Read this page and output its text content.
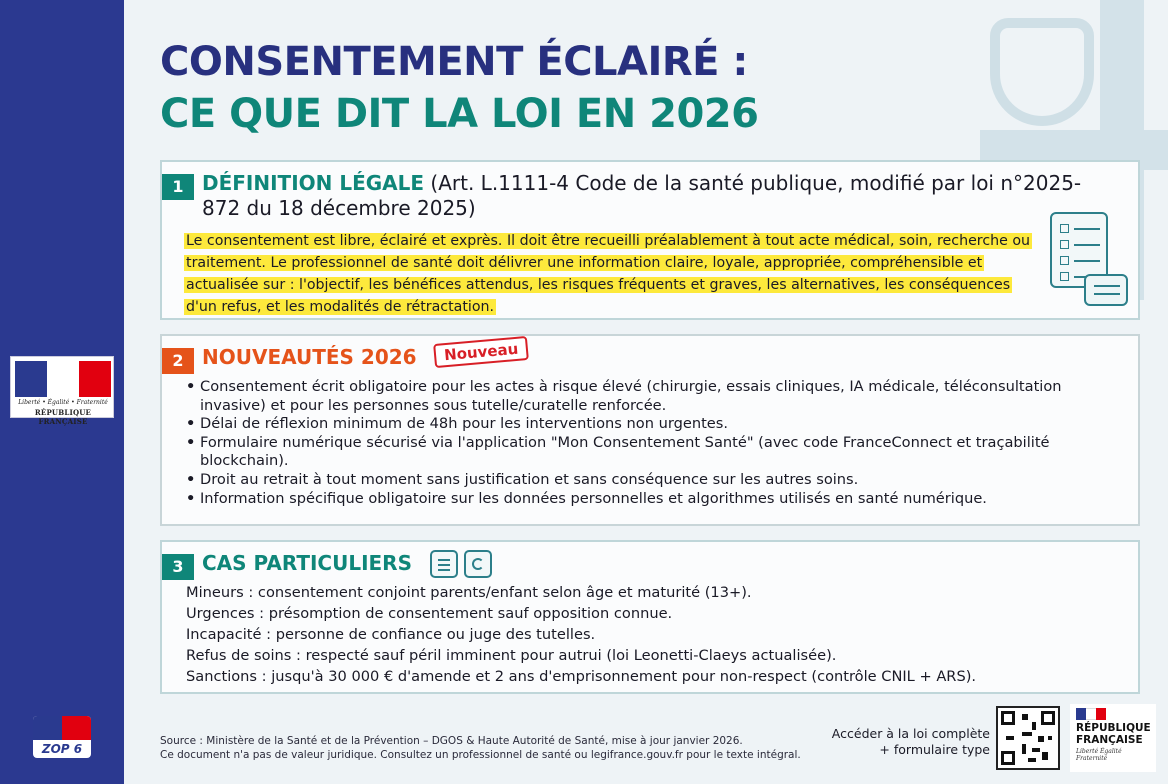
Liberté • Égalité • Fraternité
RÉPUBLIQUE FRANÇAISE
ZOP 6
CONSENTEMENT ÉCLAIRÉ :
CE QUE DIT LA LOI EN 2026
1 DÉFINITION LÉGALE (Art. L.1111-4 Code de la santé publique, modifié par loi n°2025-872 du 18 décembre 2025)

Le consentement est libre, éclairé et exprès. Il doit être recueilli préalablement à tout acte médical, soin, recherche ou traitement. Le professionnel de santé doit délivrer une information claire, loyale, appropriée, compréhensible et actualisée sur : l'objectif, les bénéfices attendus, les risques fréquents et graves, les alternatives, les conséquences d'un refus, et les modalités de rétractation.

2 NOUVEAUTÉS 2026	Nouveau
• Consentement écrit obligatoire pour les actes à risque élevé (chirurgie, essais cliniques, IA médicale, téléconsultation invasive) et pour les personnes sous tutelle/curatelle renforcée.
• Délai de réflexion minimum de 48h pour les interventions non urgentes.
• Formulaire numérique sécurisé via l'application "Mon Consentement Santé" (avec code FranceConnect et traçabilité blockchain).
• Droit au retrait à tout moment sans justification et sans conséquence sur les autres soins.
• Information spécifique obligatoire sur les données personnelles et algorithmes utilisés en santé numérique.
3 CAS PARTICULIERS
Mineurs : consentement conjoint parents/enfant selon âge et maturité (13+).
Urgences : présomption de consentement sauf opposition connue.
Incapacité : personne de confiance ou juge des tutelles.
Refus de soins : respecté sauf péril imminent pour autrui (loi Leonetti-Claeys actualisée).
Sanctions : jusqu'à 30 000 € d'amende et 2 ans d'emprisonnement pour non-respect (contrôle CNIL + ARS).
Source : Ministère de la Santé et de la Prévention – DGOS & Haute Autorité de Santé, mise à jour janvier 2026.
Ce document n'a pas de valeur juridique. Consultez un professionnel de santé ou legifrance.gouv.fr pour le texte intégral.
Accéder à la loi complète
+ formulaire type
RÉPUBLIQUE
FRANÇAISE
Liberté Égalité Fraternité
